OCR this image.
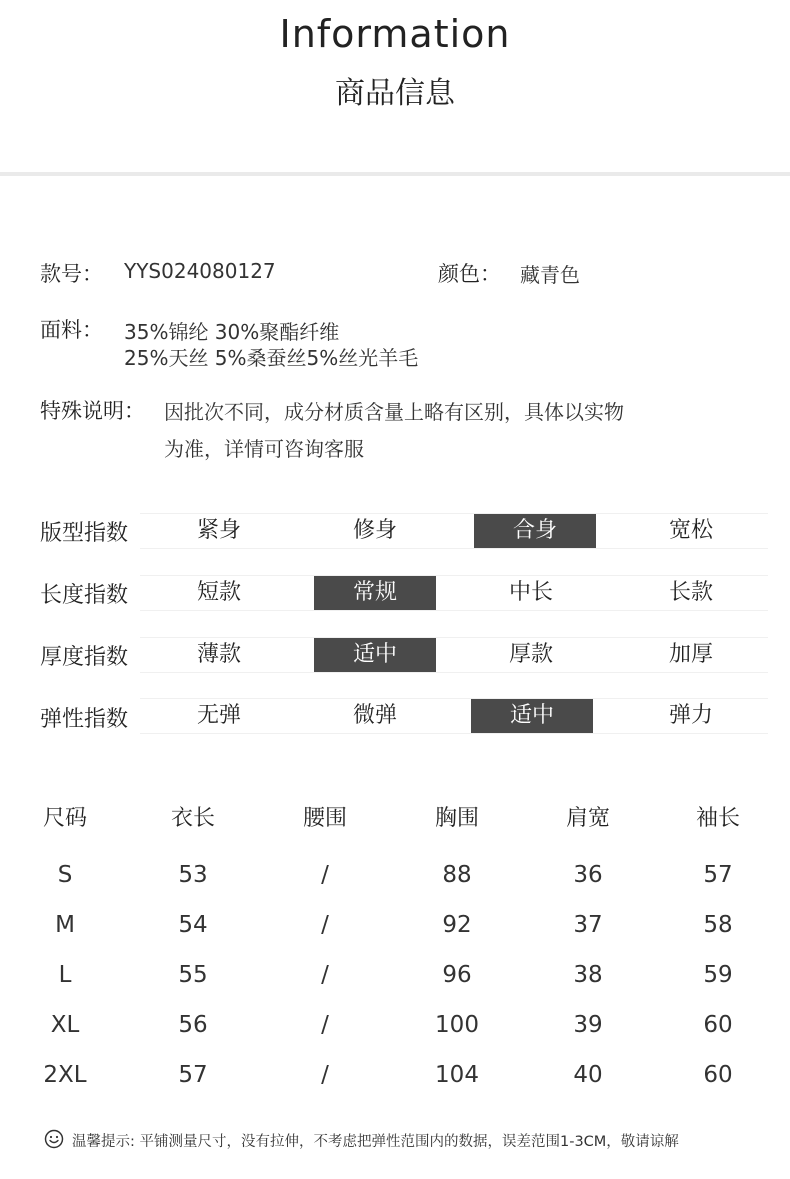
Information
商品信息
款号： YYS024080127	颜色： 藏青色
面料： 35%锦纶 30%聚酯纤维
25%天丝 5%桑蚕丝5%丝光羊毛
特殊说明： 因批次不同，成分材质含量上略有区别，具体以实物
为准，详情可咨询客服
版型指数	紧身	修身	合身	宽松
长度指数	短款	常规	中长	长款
厚度指数	薄款	适中	厚款	加厚
弹性指数	无弹	微弹	适中	弹力
尺码	衣长	腰围	胸围	肩宽	袖长
S	53	/	88	36	57
M	54	/	92	37	58
L	55	/	96	38	59
XL	56	/	100	39	60
2XL	57	/	104	40	60
温馨提示: 平铺测量尺寸，没有拉伸，不考虑把弹性范围内的数据，误差范围1-3CM，敬请谅解
